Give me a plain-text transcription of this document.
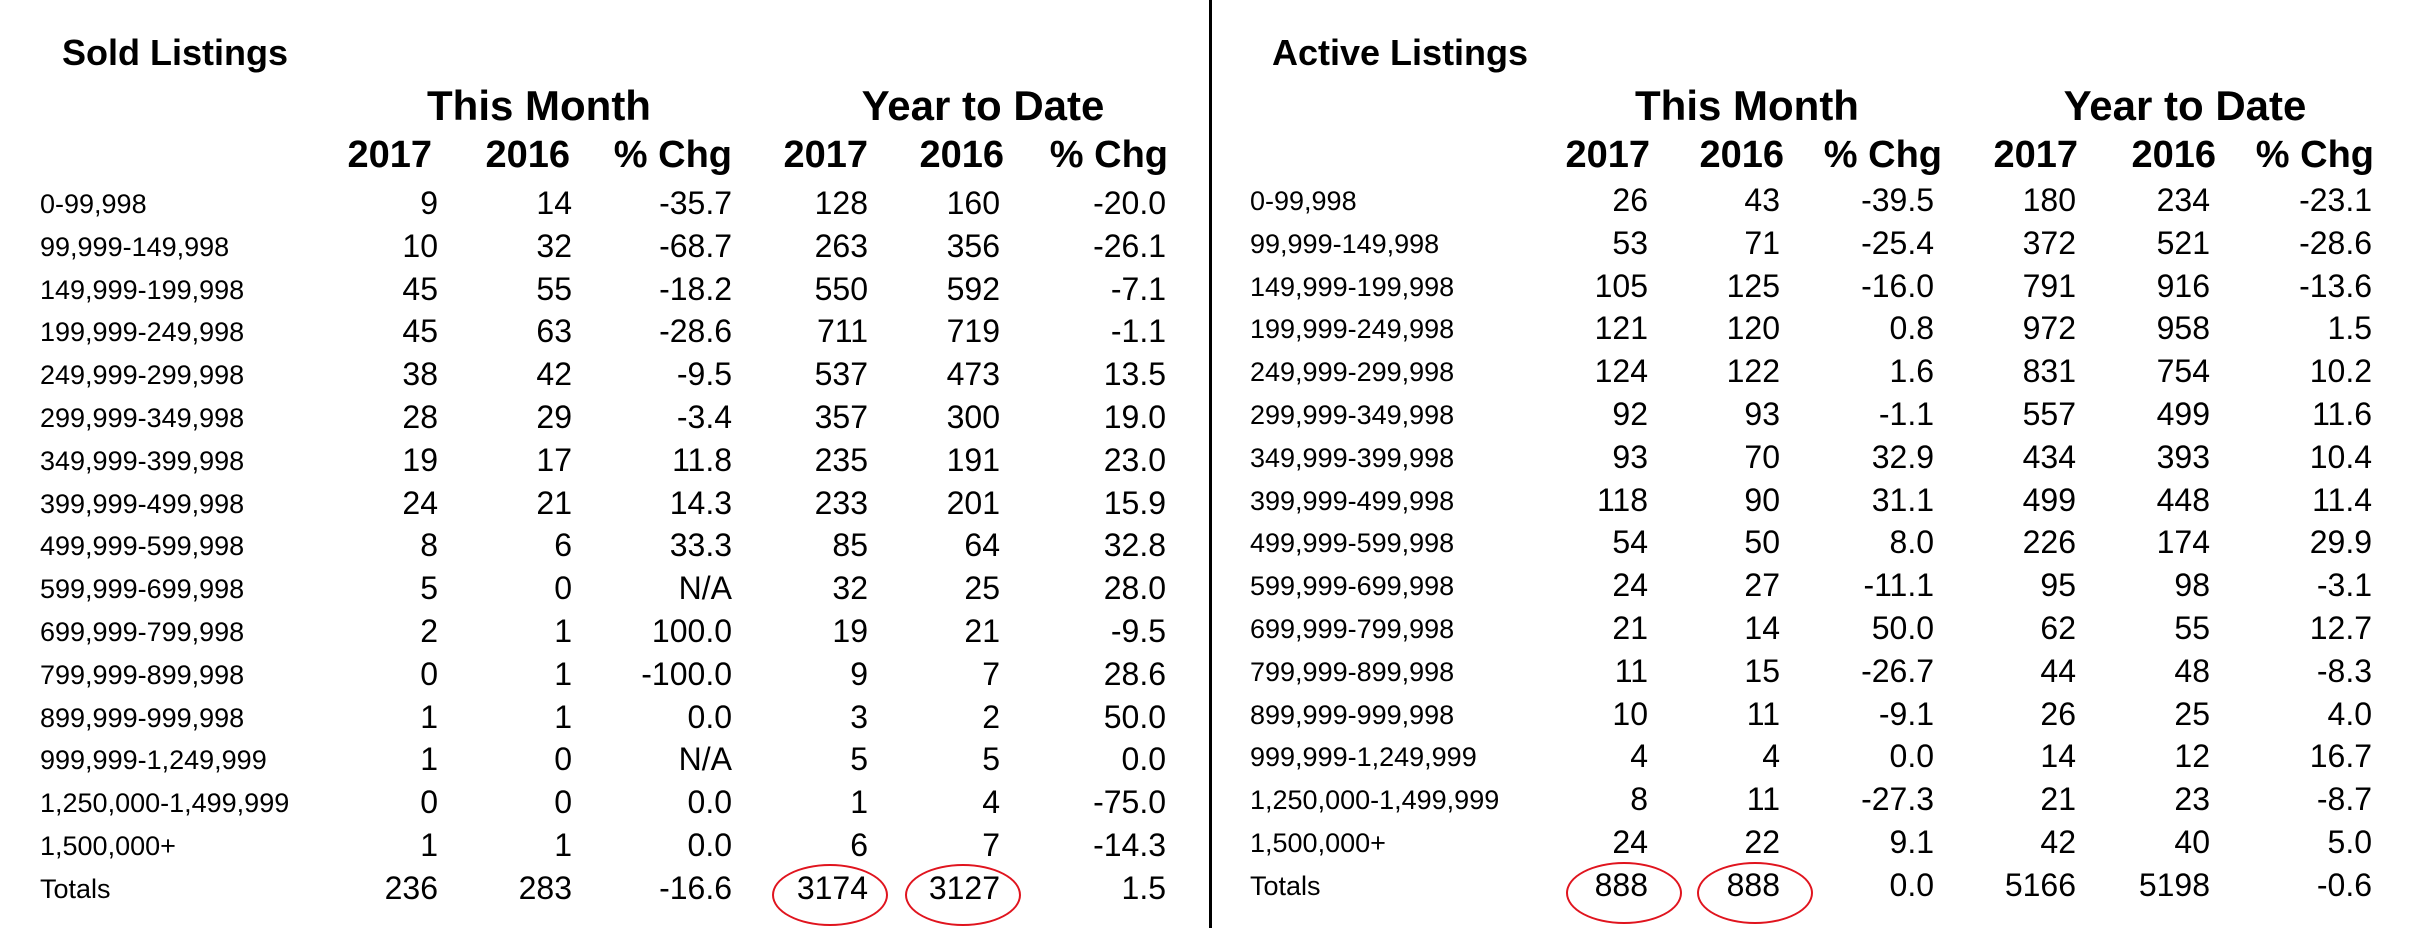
Sold Listings
This Month	Year to Date
2017	2016	% Chg	2017	2016	% Chg
0-99,998	9	14	-35.7	128	160	-20.0
99,999-149,998	10	32	-68.7	263	356	-26.1
149,999-199,998	45	55	-18.2	550	592	-7.1
199,999-249,998	45	63	-28.6	711	719	-1.1
249,999-299,998	38	42	-9.5	537	473	13.5
299,999-349,998	28	29	-3.4	357	300	19.0
349,999-399,998	19	17	11.8	235	191	23.0
399,999-499,998	24	21	14.3	233	201	15.9
499,999-599,998	8	6	33.3	85	64	32.8
599,999-699,998	5	0	N/A	32	25	28.0
699,999-799,998	2	1	100.0	19	21	-9.5
799,999-899,998	0	1	-100.0	9	7	28.6
899,999-999,998	1	1	0.0	3	2	50.0
999,999-1,249,999	1	0	N/A	5	5	0.0
1,250,000-1,499,999	0	0	0.0	1	4	-75.0
1,500,000+	1	1	0.0	6	7	-14.3
Totals	236	283	-16.6	3174	3127	1.5
Active Listings
This Month	Year to Date
2017	2016	% Chg	2017	2016	% Chg
0-99,998	26	43	-39.5	180	234	-23.1
99,999-149,998	53	71	-25.4	372	521	-28.6
149,999-199,998	105	125	-16.0	791	916	-13.6
199,999-249,998	121	120	0.8	972	958	1.5
249,999-299,998	124	122	1.6	831	754	10.2
299,999-349,998	92	93	-1.1	557	499	11.6
349,999-399,998	93	70	32.9	434	393	10.4
399,999-499,998	118	90	31.1	499	448	11.4
499,999-599,998	54	50	8.0	226	174	29.9
599,999-699,998	24	27	-11.1	95	98	-3.1
699,999-799,998	21	14	50.0	62	55	12.7
799,999-899,998	11	15	-26.7	44	48	-8.3
899,999-999,998	10	11	-9.1	26	25	4.0
999,999-1,249,999	4	4	0.0	14	12	16.7
1,250,000-1,499,999	8	11	-27.3	21	23	-8.7
1,500,000+	24	22	9.1	42	40	5.0
Totals	888	888	0.0	5166	5198	-0.6
